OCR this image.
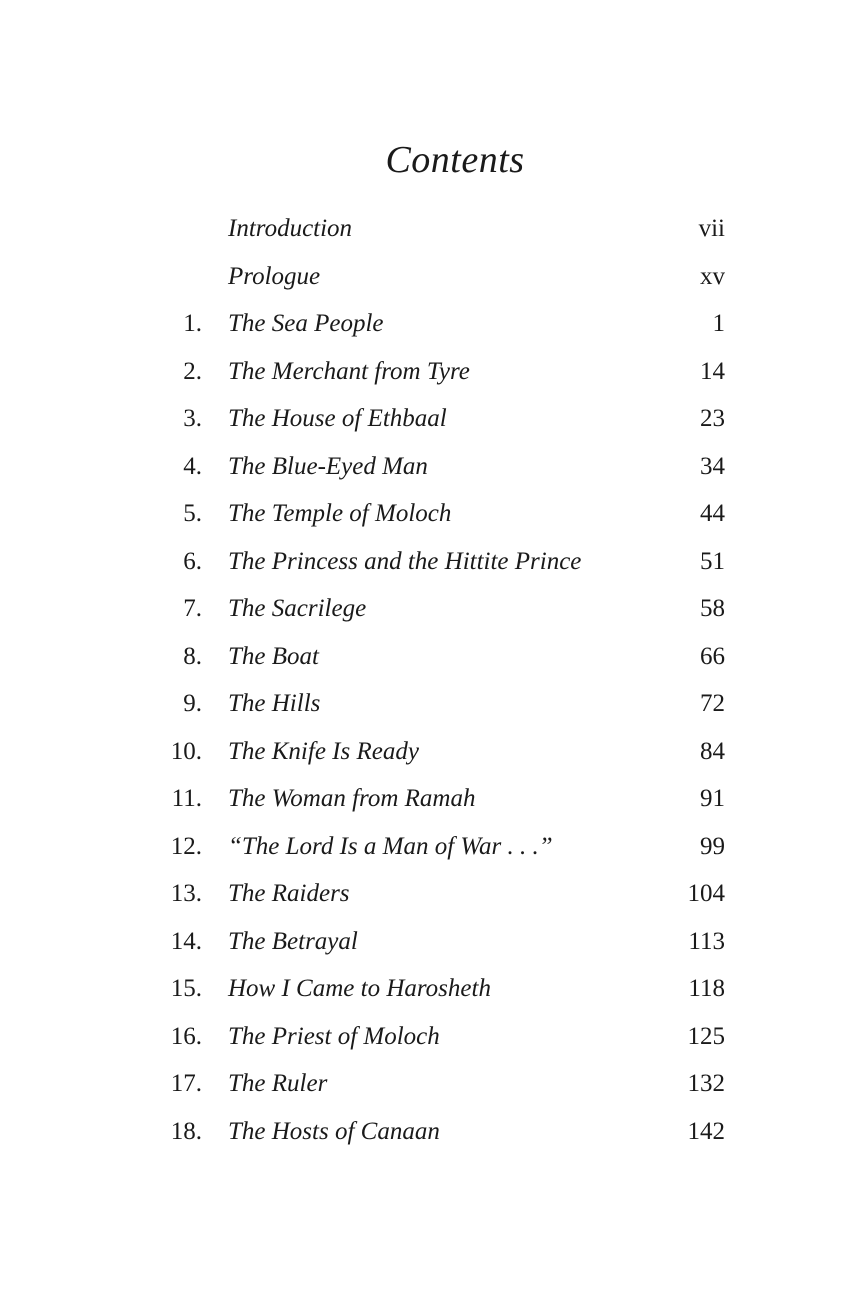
Contents
Introduction	vii
Prologue	xv
1. The Sea People	1
2. The Merchant from Tyre	14
3. The House of Ethbaal	23
4. The Blue-Eyed Man	34
5. The Temple of Moloch	44
6. The Princess and the Hittite Prince	51
7. The Sacrilege	58
8. The Boat	66
9. The Hills	72
10. The Knife Is Ready	84
11. The Woman from Ramah	91
12. “The Lord Is a Man of War . . .”	99
13. The Raiders	104
14. The Betrayal	113
15. How I Came to Harosheth	118
16. The Priest of Moloch	125
17. The Ruler	132
18. The Hosts of Canaan	142
